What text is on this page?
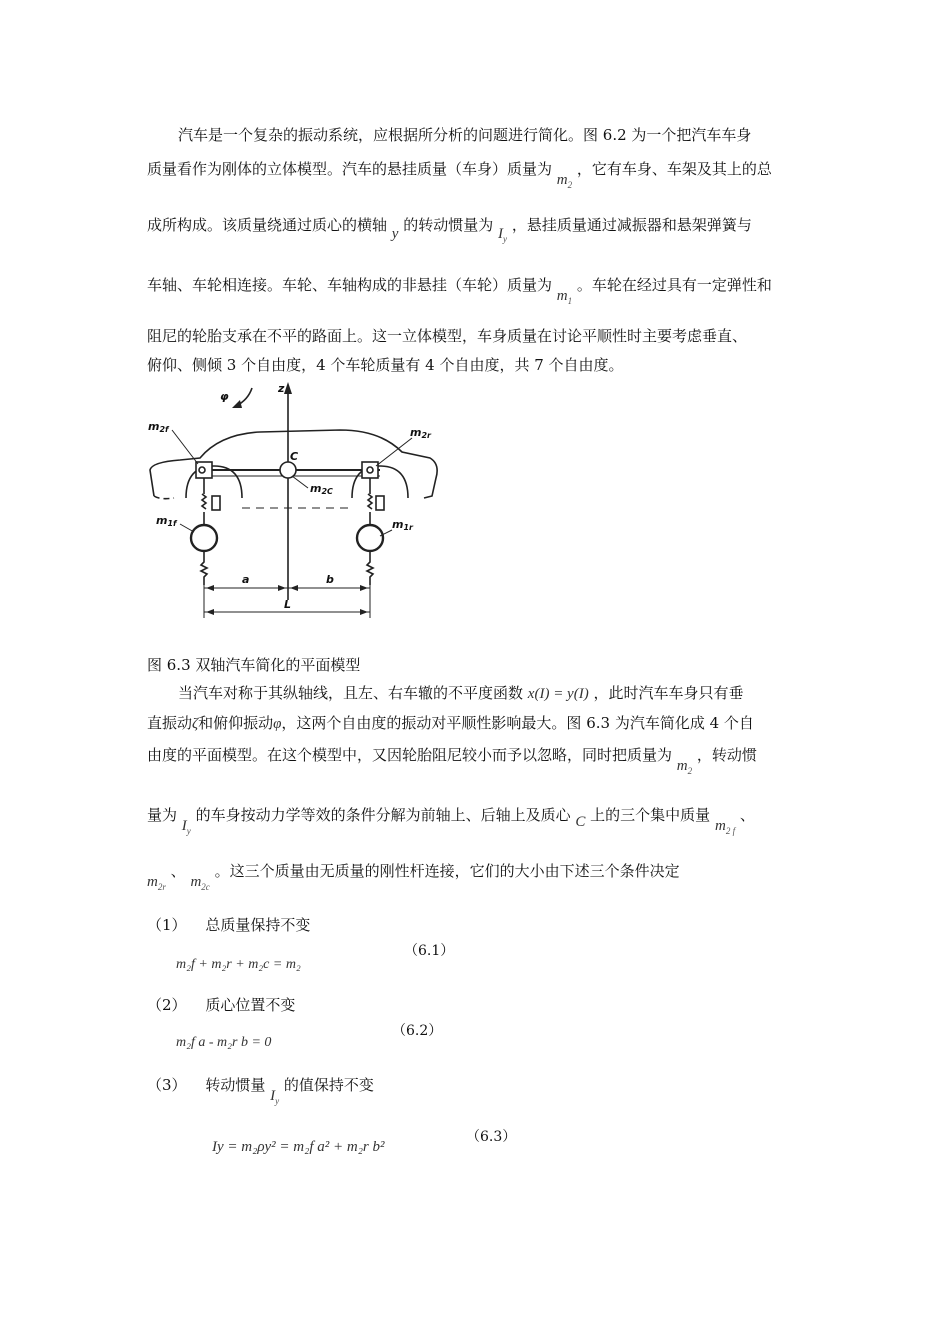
汽车是一个复杂的振动系统，应根据所分析的问题进行简化。图 6.2 为一个把汽车车身
质量看作为刚体的立体模型。汽车的悬挂质量（车身）质量为 $m_2$ ，它有车身、车架及其上的总
成所构成。该质量绕通过质心的横轴 y 的转动惯量为 $I_y$ ，悬挂质量通过减振器和悬架弹簧与
车轴、车轮相连接。车轮、车轴构成的非悬挂（车轮）质量为 $m_1$ 。车轮在经过具有一定弹性和
阻尼的轮胎支承在不平的路面上。这一立体模型，车身质量在讨论平顺性时主要考虑垂直、
俯仰、侧倾 3 个自由度，4 个车轮质量有 4 个自由度，共 7 个自由度。
φ
z
m2f	m2r
C
m2C
m1f	m1r
a	b
L
图 6.3 双轴汽车简化的平面模型
当汽车对称于其纵轴线，且左、右车辙的不平度函数 x(I) = y(I) ，此时汽车车身只有垂
直振动ζ和俯仰振动φ，这两个自由度的振动对平顺性影响最大。图 6.3 为汽车简化成 4 个自
由度的平面模型。在这个模型中，又因轮胎阻尼较小而予以忽略，同时把质量为 $m_2$ ，转动惯
量为 $I_y$ 的车身按动力学等效的条件分解为前轴上、后轴上及质心 C 上的三个集中质量 $m_{2 f}$ 、
$m_{2r}$ 、 $m_{2c}$ 。这三个质量由无质量的刚性杆连接，它们的大小由下述三个条件决定
（1） 总质量保持不变
m₂f + m₂r + m₂c = m₂
（6.1）
（2） 质心位置不变
m₂f a - m₂r b = 0
（6.2）
（3） 转动惯量 $I_y$ 的值保持不变
Iy = m₂ρy² = m₂f a² + m₂r b²
（6.3）
